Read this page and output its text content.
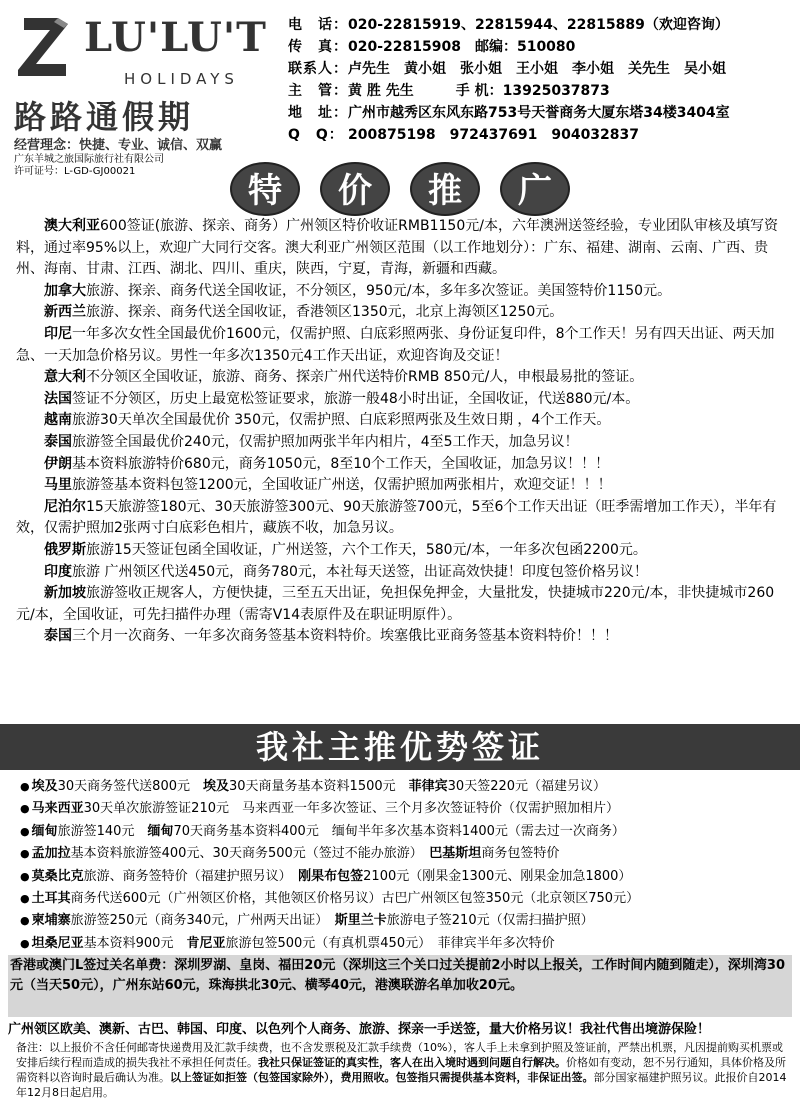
LU'LU'T
HOLIDAYS
路路通假期
经营理念：快捷、专业、诚信、双赢
广东羊城之旅国际旅行社有限公司
许可证号：L-GD-GJ00021
电　话： 020-22815919、22815944、22815889（欢迎咨询）
传　真： 020-22815908　邮编：510080
联系人： 卢先生　黄小姐　张小姐　王小姐　李小姐　关先生　吴小姐
主　管： 黄 胜 先生　　　手 机：13925037873
地　址： 广州市越秀区东风东路753号天誉商务大厦东塔34楼3404室
Q　Q： 200875198　972437691　904032837
特	价	推	广

澳大利亚600签证(旅游、探亲、商务）广州领区特价收证RMB1150元/本，六年澳洲送签经验，专业团队审核及填写资料，通过率95%以上，欢迎广大同行交客。澳大利亚广州领区范围（以工作地划分）：广东、福建、湖南、云南、广西、贵州、海南、甘肃、江西、湖北、四川、重庆，陕西，宁夏，青海，新疆和西藏。

加拿大旅游、探亲、商务代送全国收证，不分领区，950元/本，多年多次签证。美国签特价1150元。

新西兰旅游、探亲、商务代送全国收证，香港领区1350元，北京上海领区1250元。

印尼一年多次女性全国最优价1600元，仅需护照、白底彩照两张、身份证复印件，8个工作天！另有四天出证、两天加急、一天加急价格另议。男性一年多次1350元4工作天出证，欢迎咨询及交证！

意大利不分领区全国收证，旅游、商务、探亲广州代送特价RMB 850元/人，申根最易批的签证。

法国签证不分领区，历史上最宽松签证要求，旅游一般48小时出证，全国收证，代送880元/本。

越南旅游30天单次全国最优价 350元，仅需护照、白底彩照两张及生效日期 ，4个工作天。

泰国旅游签全国最优价240元，仅需护照加两张半年内相片，4至5工作天，加急另议！

伊朗基本资料旅游特价680元，商务1050元，8至10个工作天，全国收证，加急另议！！！

马里旅游签基本资料包签1200元，全国收证广州送，仅需护照加两张相片，欢迎交证！！！

尼泊尔15天旅游签180元、30天旅游签300元、90天旅游签700元，5至6个工作天出证（旺季需增加工作天），半年有效，仅需护照加2张两寸白底彩色相片，藏族不收，加急另议。

俄罗斯旅游15天签证包函全国收证，广州送签，六个工作天，580元/本，一年多次包函2200元。

印度旅游 广州领区代送450元，商务780元，本社每天送签，出证高效快捷！印度包签价格另议！

新加坡旅游签收正规客人，方便快捷，三至五天出证，免担保免押金，大量批发，快捷城市220元/本，非快捷城市260元/本，全国收证，可先扫描件办理（需寄V14表原件及在职证明原件）。

泰国三个月一次商务、一年多次商务签基本资料特价。埃塞俄比亚商务签基本资料特价！！！

我社主推优势签证
● 埃及30天商务签代送800元　埃及30天商量务基本资料1500元　菲律宾30天签220元（福建另议）
● 马来西亚30天单次旅游签证210元　马来西亚一年多次签证、三个月多次签证特价（仅需护照加相片）
● 缅甸旅游签140元　缅甸70天商务基本资料400元　缅甸半年多次基本资料1400元（需去过一次商务）
● 孟加拉基本资料旅游签400元、30天商务500元（签过不能办旅游）　巴基斯坦商务包签特价
● 莫桑比克旅游、商务签特价（福建护照另议）　刚果布包签2100元（刚果金1300元、刚果金加急1800）
● 土耳其商务代送600元（广州领区价格，其他领区价格另议）古巴广州领区包签350元（北京领区750元）
● 柬埔寨旅游签250元（商务340元，广州两天出证）　斯里兰卡旅游电子签210元（仅需扫描护照）
● 坦桑尼亚基本资料900元　肯尼亚旅游包签500元（有真机票450元）　菲律宾半年多次特价
香港或澳门L签过关名单费：深圳罗湖、皇岗、福田20元（深圳这三个关口过关提前2小时以上报关，工作时间内随到随走），深圳湾30元（当天50元），广州东站60元，珠海拱北30元、横琴40元，港澳联游名单加收20元。
广州领区欧美、澳新、古巴、韩国、印度、以色列个人商务、旅游、探亲一手送签，量大价格另议！我社代售出境游保险！
备注：以上报价不含任何邮寄快递费用及汇款手续费，也不含发票税及汇款手续费（10%），客人手上未拿到护照及签证前，严禁出机票，凡因提前购买机票或安排后续行程而造成的损失我社不承担任何责任。我社只保证签证的真实性，客人在出入境时遇到问题自行解决。价格如有变动，恕不另行通知，具体价格及所需资料以咨询时最后确认为准。以上签证如拒签（包签国家除外），费用照收。包签指只需提供基本资料，非保证出签。部分国家福建护照另议。此报价自2014年12月8日起启用。
